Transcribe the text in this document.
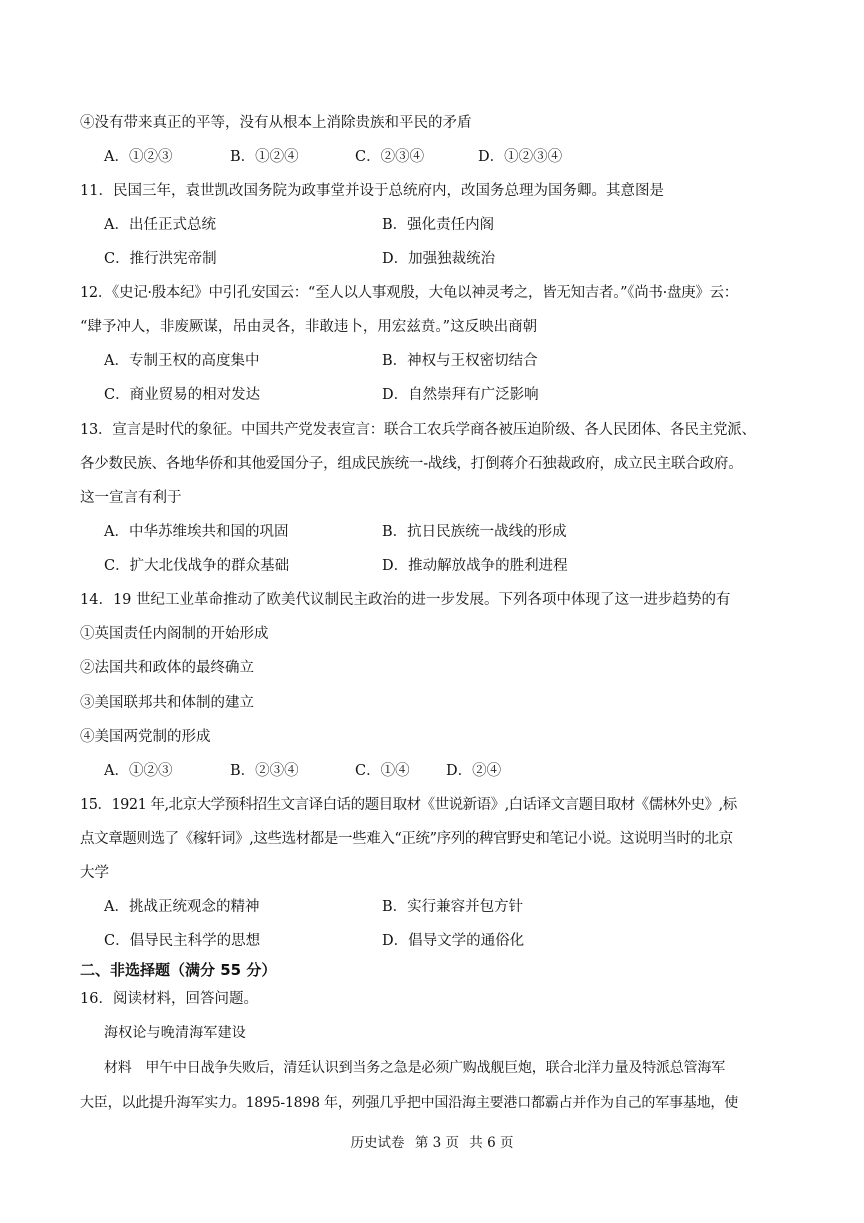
④没有带来真正的平等，没有从根本上消除贵族和平民的矛盾
A．①②③	B．①②④	C．②③④	D．①②③④
11．民国三年，袁世凯改国务院为政事堂并设于总统府内，改国务总理为国务卿。其意图是
A．出任正式总统	B．强化责任内阁
C．推行洪宪帝制	D．加强独裁统治
12．《史记·殷本纪》中引孔安国云：“至人以人事观殷，大龟以神灵考之，皆无知吉者。”《尚书·盘庚》云：
“肆予冲人，非废厥谋，吊由灵各，非敢违卜，用宏兹贲。”这反映出商朝
A．专制王权的高度集中	B．神权与王权密切结合
C．商业贸易的相对发达	D．自然崇拜有广泛影响
13．宣言是时代的象征。中国共产党发表宣言：联合工农兵学商各被压迫阶级、各人民团体、各民主党派、
各少数民族、各地华侨和其他爱国分子，组成民族统一-战线，打倒蒋介石独裁政府，成立民主联合政府。
这一宣言有利于
A．中华苏维埃共和国的巩固	B．抗日民族统一战线的形成
C．扩大北伐战争的群众基础	D．推动解放战争的胜利进程
14．19 世纪工业革命推动了欧美代议制民主政治的进一步发展。下列各项中体现了这一进步趋势的有
①英国责任内阁制的开始形成
②法国共和政体的最终确立
③美国联邦共和体制的建立
④美国两党制的形成
A．①②③	B．②③④	C．①④	D．②④
15．1921 年,北京大学预科招生文言译白话的题目取材《世说新语》,白话译文言题目取材《儒林外史》,标
点文章题则选了《稼轩词》,这些选材都是一些难入“正统”序列的稗官野史和笔记小说。这说明当时的北京
大学
A．挑战正统观念的精神	B．实行兼容并包方针
C．倡导民主科学的思想	D．倡导文学的通俗化
二、非选择题（满分 55 分）
16．阅读材料，回答问题。
海权论与晚清海军建设
材料　甲午中日战争失败后，清廷认识到当务之急是必须广购战舰巨炮，联合北洋力量及特派总管海军
大臣，以此提升海军实力。1895-1898 年，列强几乎把中国沿海主要港口都霸占并作为自己的军事基地，使
历史试卷 第 3 页 共 6 页
